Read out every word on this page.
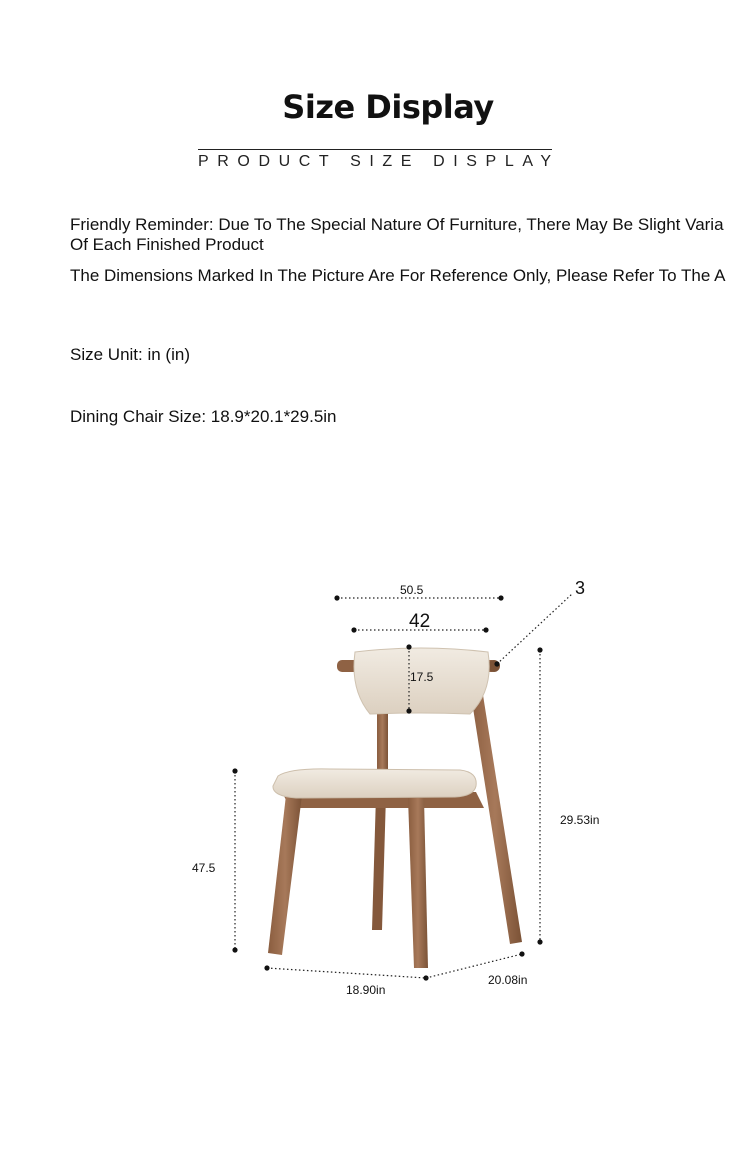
Size Display
PRODUCT SIZE DISPLAY
Friendly Reminder: Due To The Special Nature Of Furniture, There May Be Slight Varia
Of Each Finished Product
The Dimensions Marked In The Picture Are For Reference Only, Please Refer To The A
Size Unit: in (in)
Dining Chair Size: 18.9*20.1*29.5in
50.5
42
3
17.5
47.5
29.53in
18.90in
20.08in
